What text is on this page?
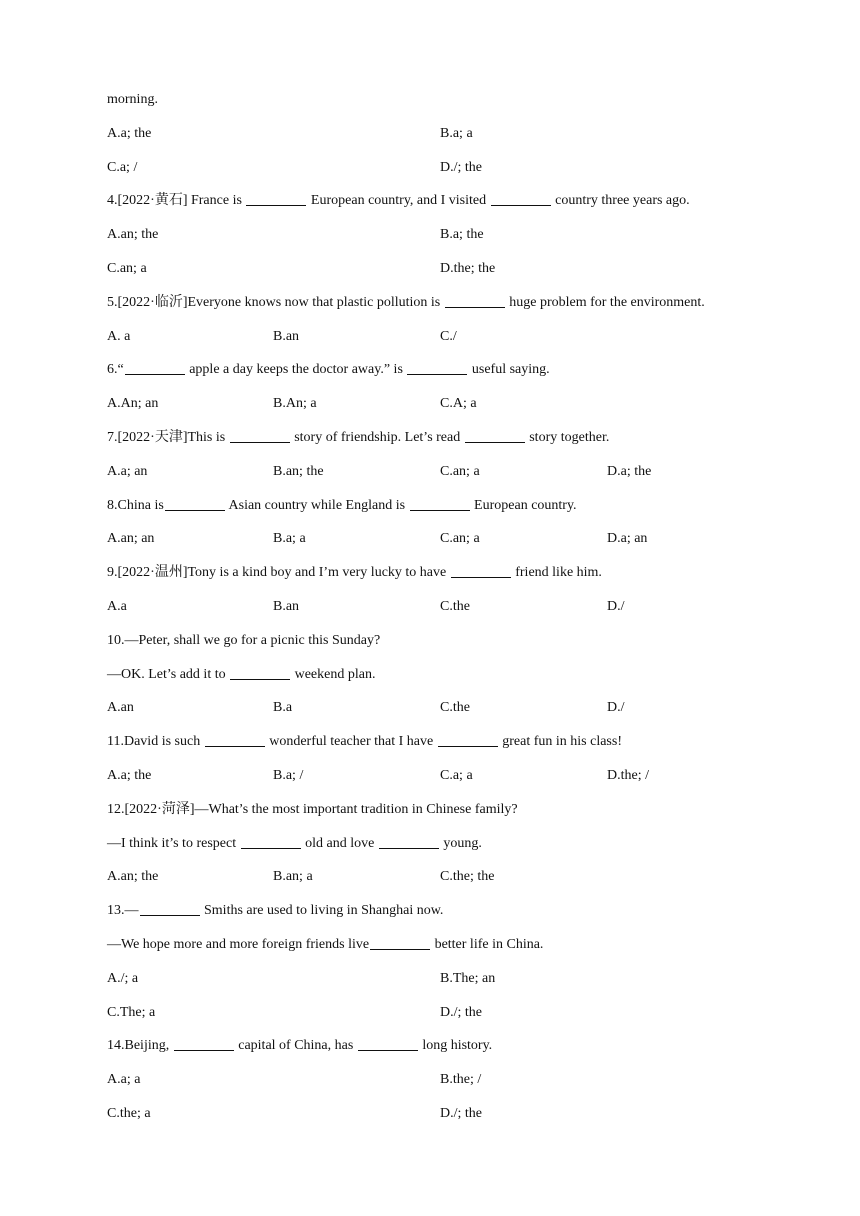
morning.
A.a; the	B.a; a
C.a; /	D./; the
4.[2022·黄石] France is	European country, and I visited	country three years ago.
A.an; the	B.a; the
C.an; a	D.the; the
5.[2022·临沂]Everyone knows now that plastic pollution is	huge problem for the environment.
A. a	B.an	C./
6.“	apple a day keeps the doctor away.” is	useful saying.
A.An; an	B.An; a	C.A; a
7.[2022·天津]This is	story of friendship. Let’s read	story together.
A.a; an	B.an; the	C.an; a	D.a; the
8.China is	Asian country while England is	European country.
A.an; an	B.a; a	C.an; a	D.a; an
9.[2022·温州]Tony is a kind boy and I’m very lucky to have	friend like him.
A.a	B.an	C.the	D./
10.—Peter, shall we go for a picnic this Sunday?
—OK. Let’s add it to	weekend plan.
A.an	B.a	C.the	D./
11.David is such	wonderful teacher that I have	great fun in his class!
A.a; the	B.a; /	C.a; a	D.the; /
12.[2022·菏泽]—What’s the most important tradition in Chinese family?
—I think it’s to respect	old and love	young.
A.an; the	B.an; a	C.the; the
13.—	Smiths are used to living in Shanghai now.
—We hope more and more foreign friends live	better life in China.
A./; a	B.The; an
C.The; a	D./; the
14.Beijing,	capital of China, has	long history.
A.a; a	B.the; /
C.the; a	D./; the
